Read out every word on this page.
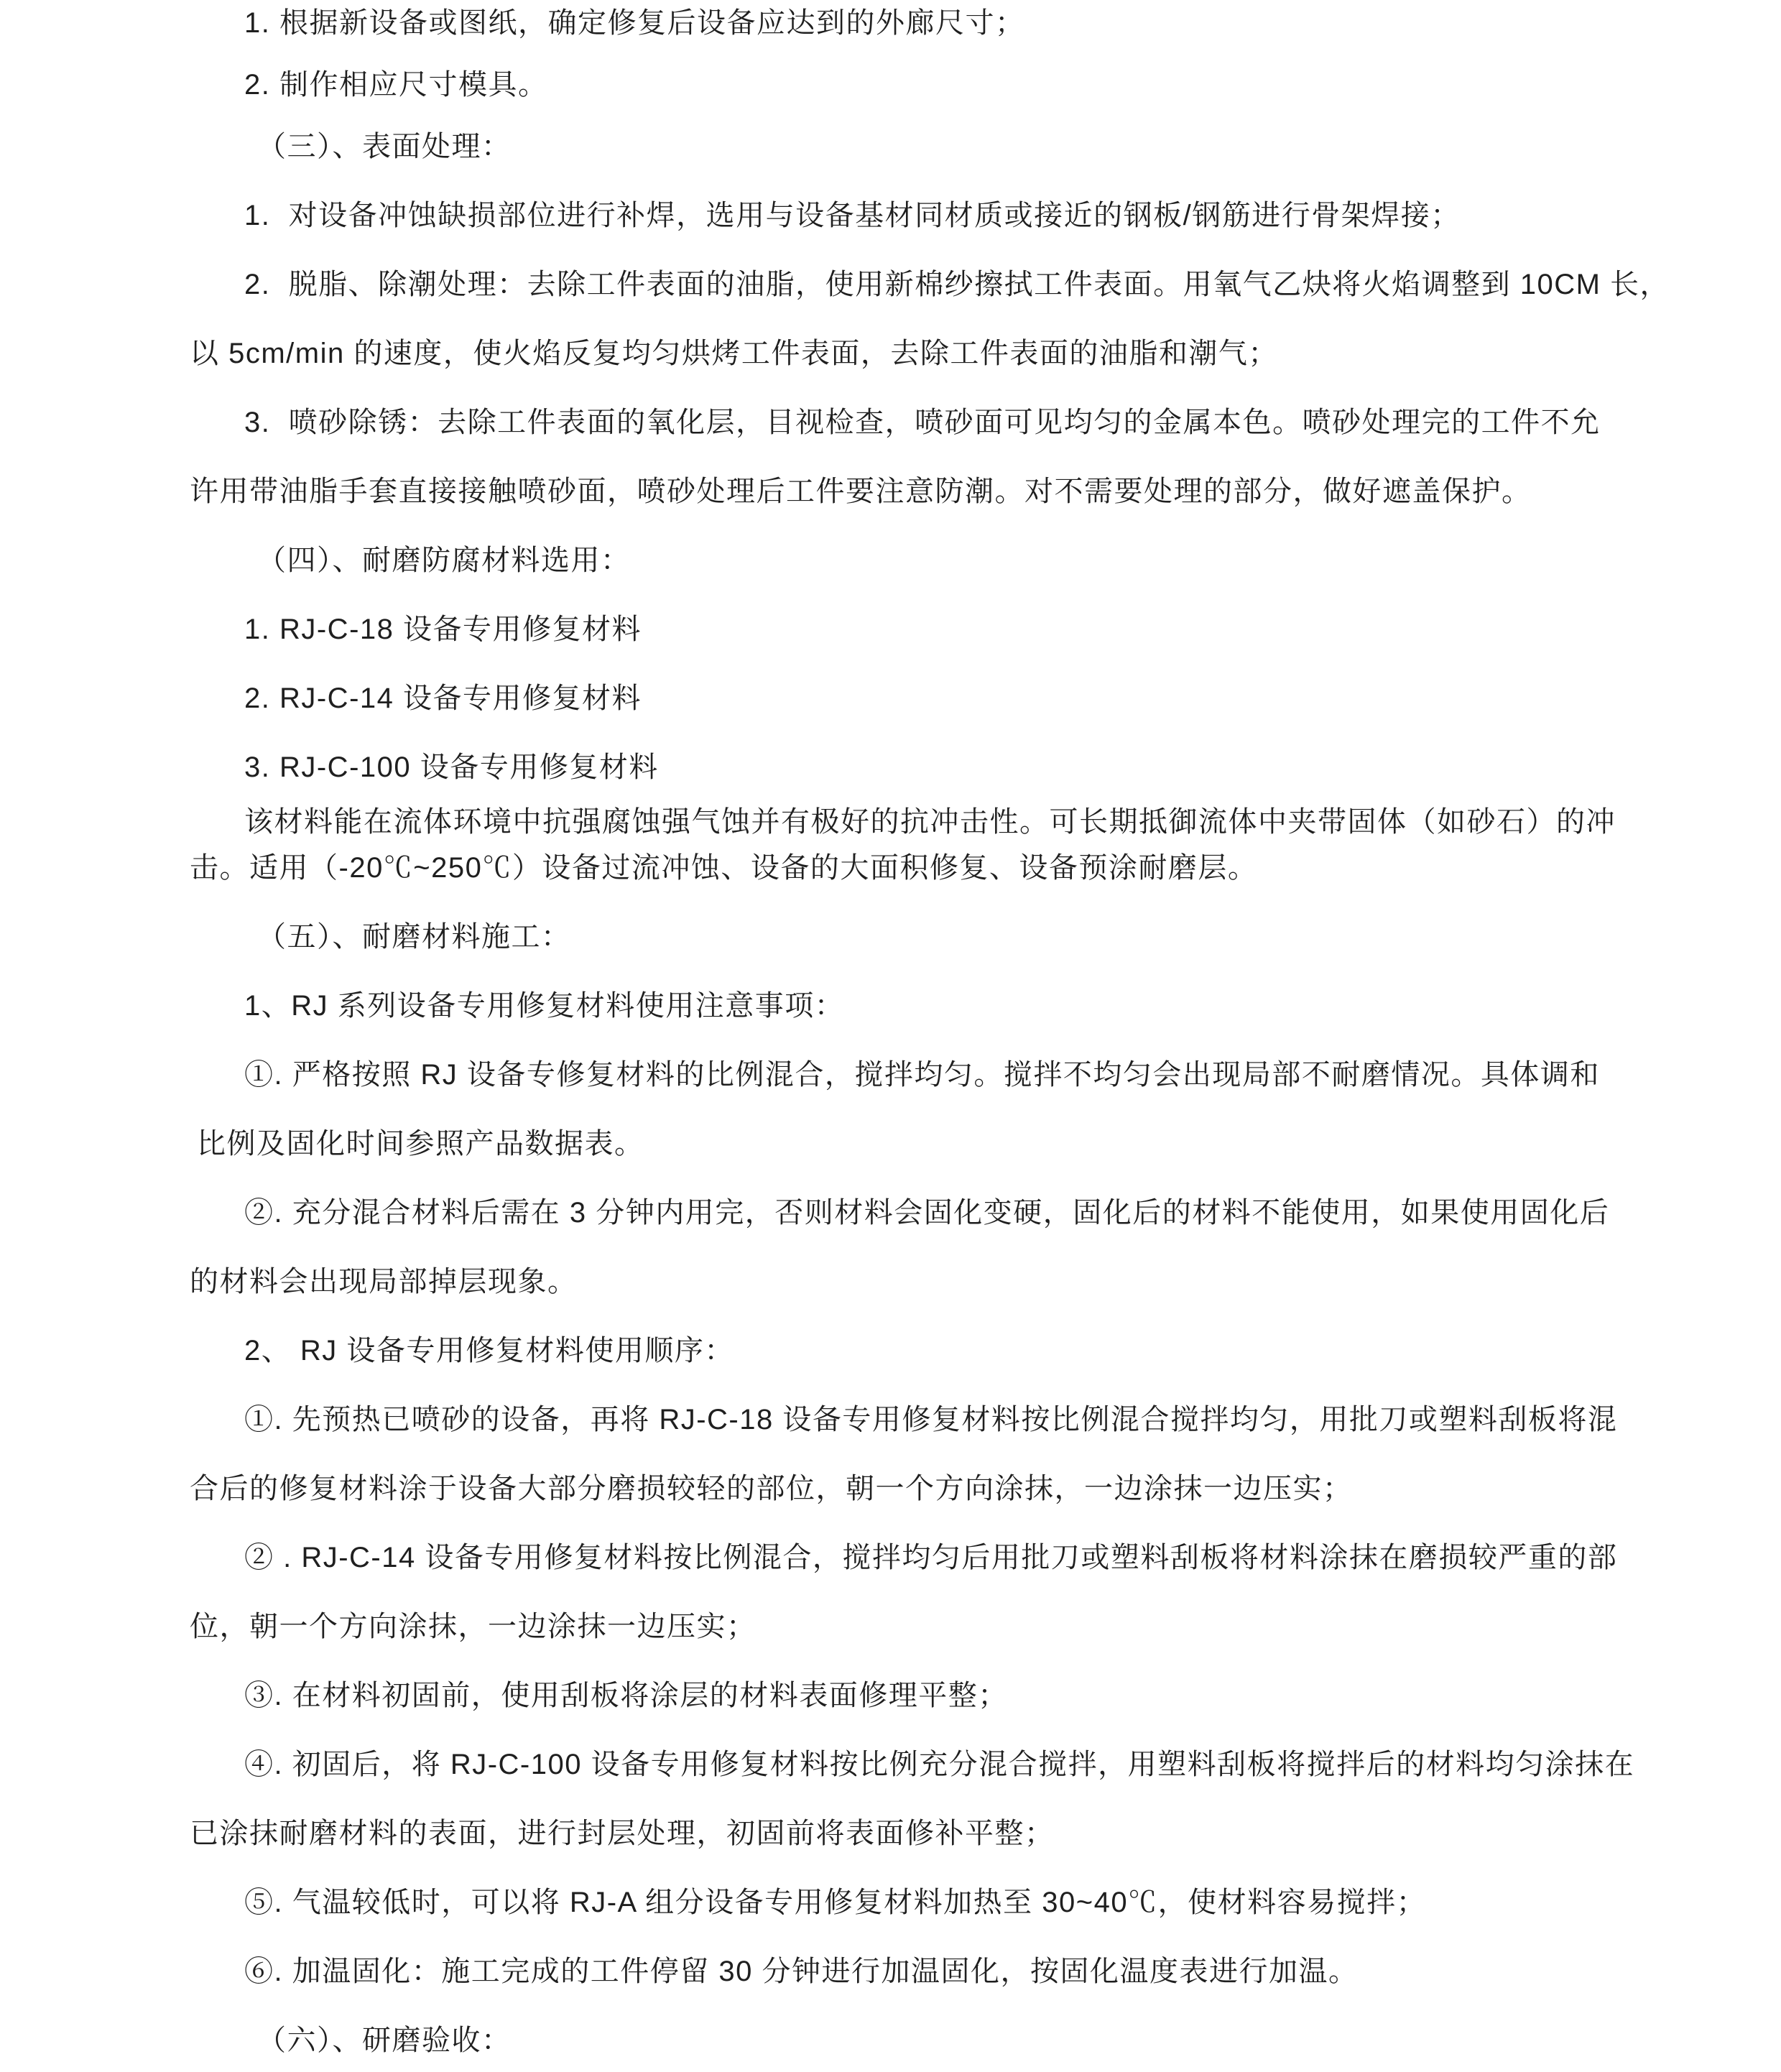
1. 根据新设备或图纸，确定修复后设备应达到的外廊尺寸；
2. 制作相应尺寸模具。
（三）、表面处理：
1.  对设备冲蚀缺损部位进行补焊，选用与设备基材同材质或接近的钢板/钢筋进行骨架焊接；
2.  脱脂、除潮处理：去除工件表面的油脂，使用新棉纱擦拭工件表面。用氧气乙炔将火焰调整到 10CM 长，
以 5cm/min 的速度，使火焰反复均匀烘烤工件表面，去除工件表面的油脂和潮气；
3.  喷砂除锈：去除工件表面的氧化层，目视检查，喷砂面可见均匀的金属本色。喷砂处理完的工件不允
许用带油脂手套直接接触喷砂面，喷砂处理后工件要注意防潮。对不需要处理的部分，做好遮盖保护。
（四）、耐磨防腐材料选用：
1. RJ-C-18 设备专用修复材料
2. RJ-C-14 设备专用修复材料
3. RJ-C-100 设备专用修复材料
该材料能在流体环境中抗强腐蚀强气蚀并有极好的抗冲击性。可长期抵御流体中夹带固体（如砂石）的冲
击。适用（-20℃~250℃）设备过流冲蚀、设备的大面积修复、设备预涂耐磨层。
（五）、耐磨材料施工：
1、RJ 系列设备专用修复材料使用注意事项：
①. 严格按照 RJ 设备专修复材料的比例混合，搅拌均匀。搅拌不均匀会出现局部不耐磨情况。具体调和
比例及固化时间参照产品数据表。
②. 充分混合材料后需在 3 分钟内用完，否则材料会固化变硬，固化后的材料不能使用，如果使用固化后
的材料会出现局部掉层现象。
2、 RJ 设备专用修复材料使用顺序：
①. 先预热已喷砂的设备，再将 RJ-C-18 设备专用修复材料按比例混合搅拌均匀，用批刀或塑料刮板将混
合后的修复材料涂于设备大部分磨损较轻的部位，朝一个方向涂抹，一边涂抹一边压实；
② . RJ-C-14 设备专用修复材料按比例混合，搅拌均匀后用批刀或塑料刮板将材料涂抹在磨损较严重的部
位，朝一个方向涂抹，一边涂抹一边压实；
③. 在材料初固前，使用刮板将涂层的材料表面修理平整；
④. 初固后，将 RJ-C-100 设备专用修复材料按比例充分混合搅拌，用塑料刮板将搅拌后的材料均匀涂抹在
已涂抹耐磨材料的表面，进行封层处理，初固前将表面修补平整；
⑤. 气温较低时，可以将 RJ-A 组分设备专用修复材料加热至 30~40℃，使材料容易搅拌；
⑥. 加温固化：施工完成的工件停留 30 分钟进行加温固化，按固化温度表进行加温。
（六）、研磨验收：
